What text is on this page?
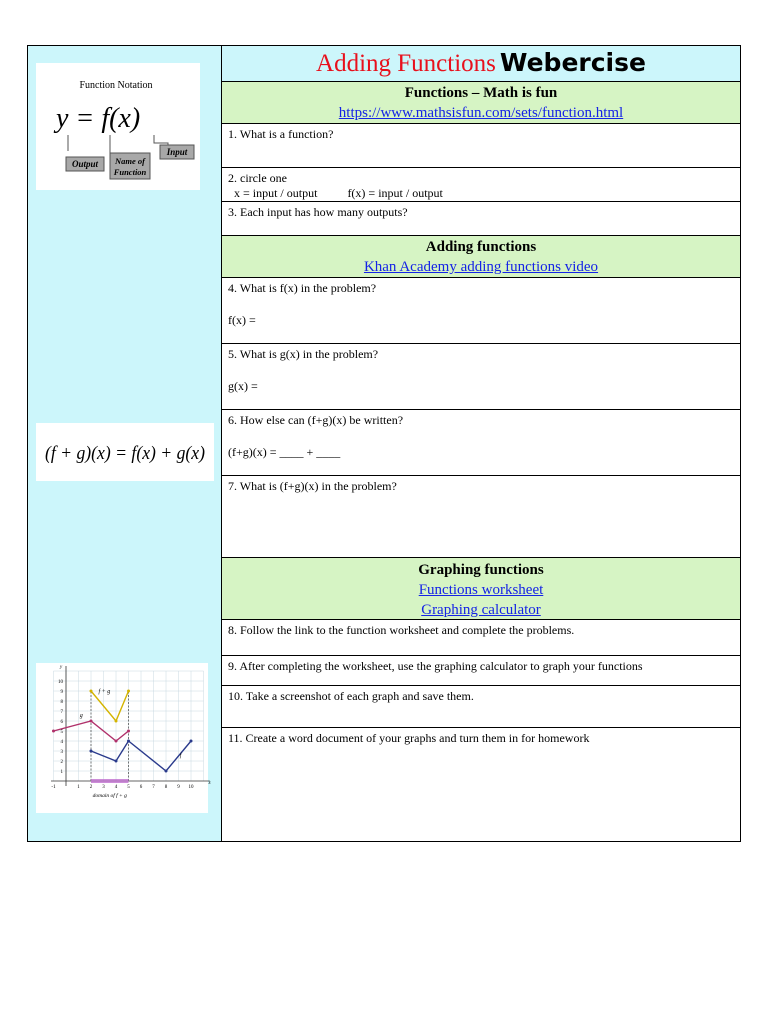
Function Notation
y = f(x)
Output Name of
Function
Input
(f + g)(x) = f(x) + g(x)
10
9
8
7
6
5
4
3
2
1
-1	1 2 3 4 5 6 7 8 9 10
y
x
domain of f + g
f + g
g
f
Adding Functions Webercise
Functions – Math is fun
https://www.mathsisfun.com/sets/function.html
1. What is a function?
2. circle one
x = input / output	f(x) = input / output
3. Each input has how many outputs?
Adding functions
Khan Academy adding functions video
4. What is f(x) in the problem?
f(x) =
5. What is g(x) in the problem?
g(x) =
6. How else can (f+g)(x) be written?
(f+g)(x) = ____ + ____
7. What is (f+g)(x) in the problem?
Graphing functions
Functions worksheet
Graphing calculator
8. Follow the link to the function worksheet and complete the problems.
9. After completing the worksheet, use the graphing calculator to graph your functions
10. Take a screenshot of each graph and save them.
11. Create a word document of your graphs and turn them in for homework
